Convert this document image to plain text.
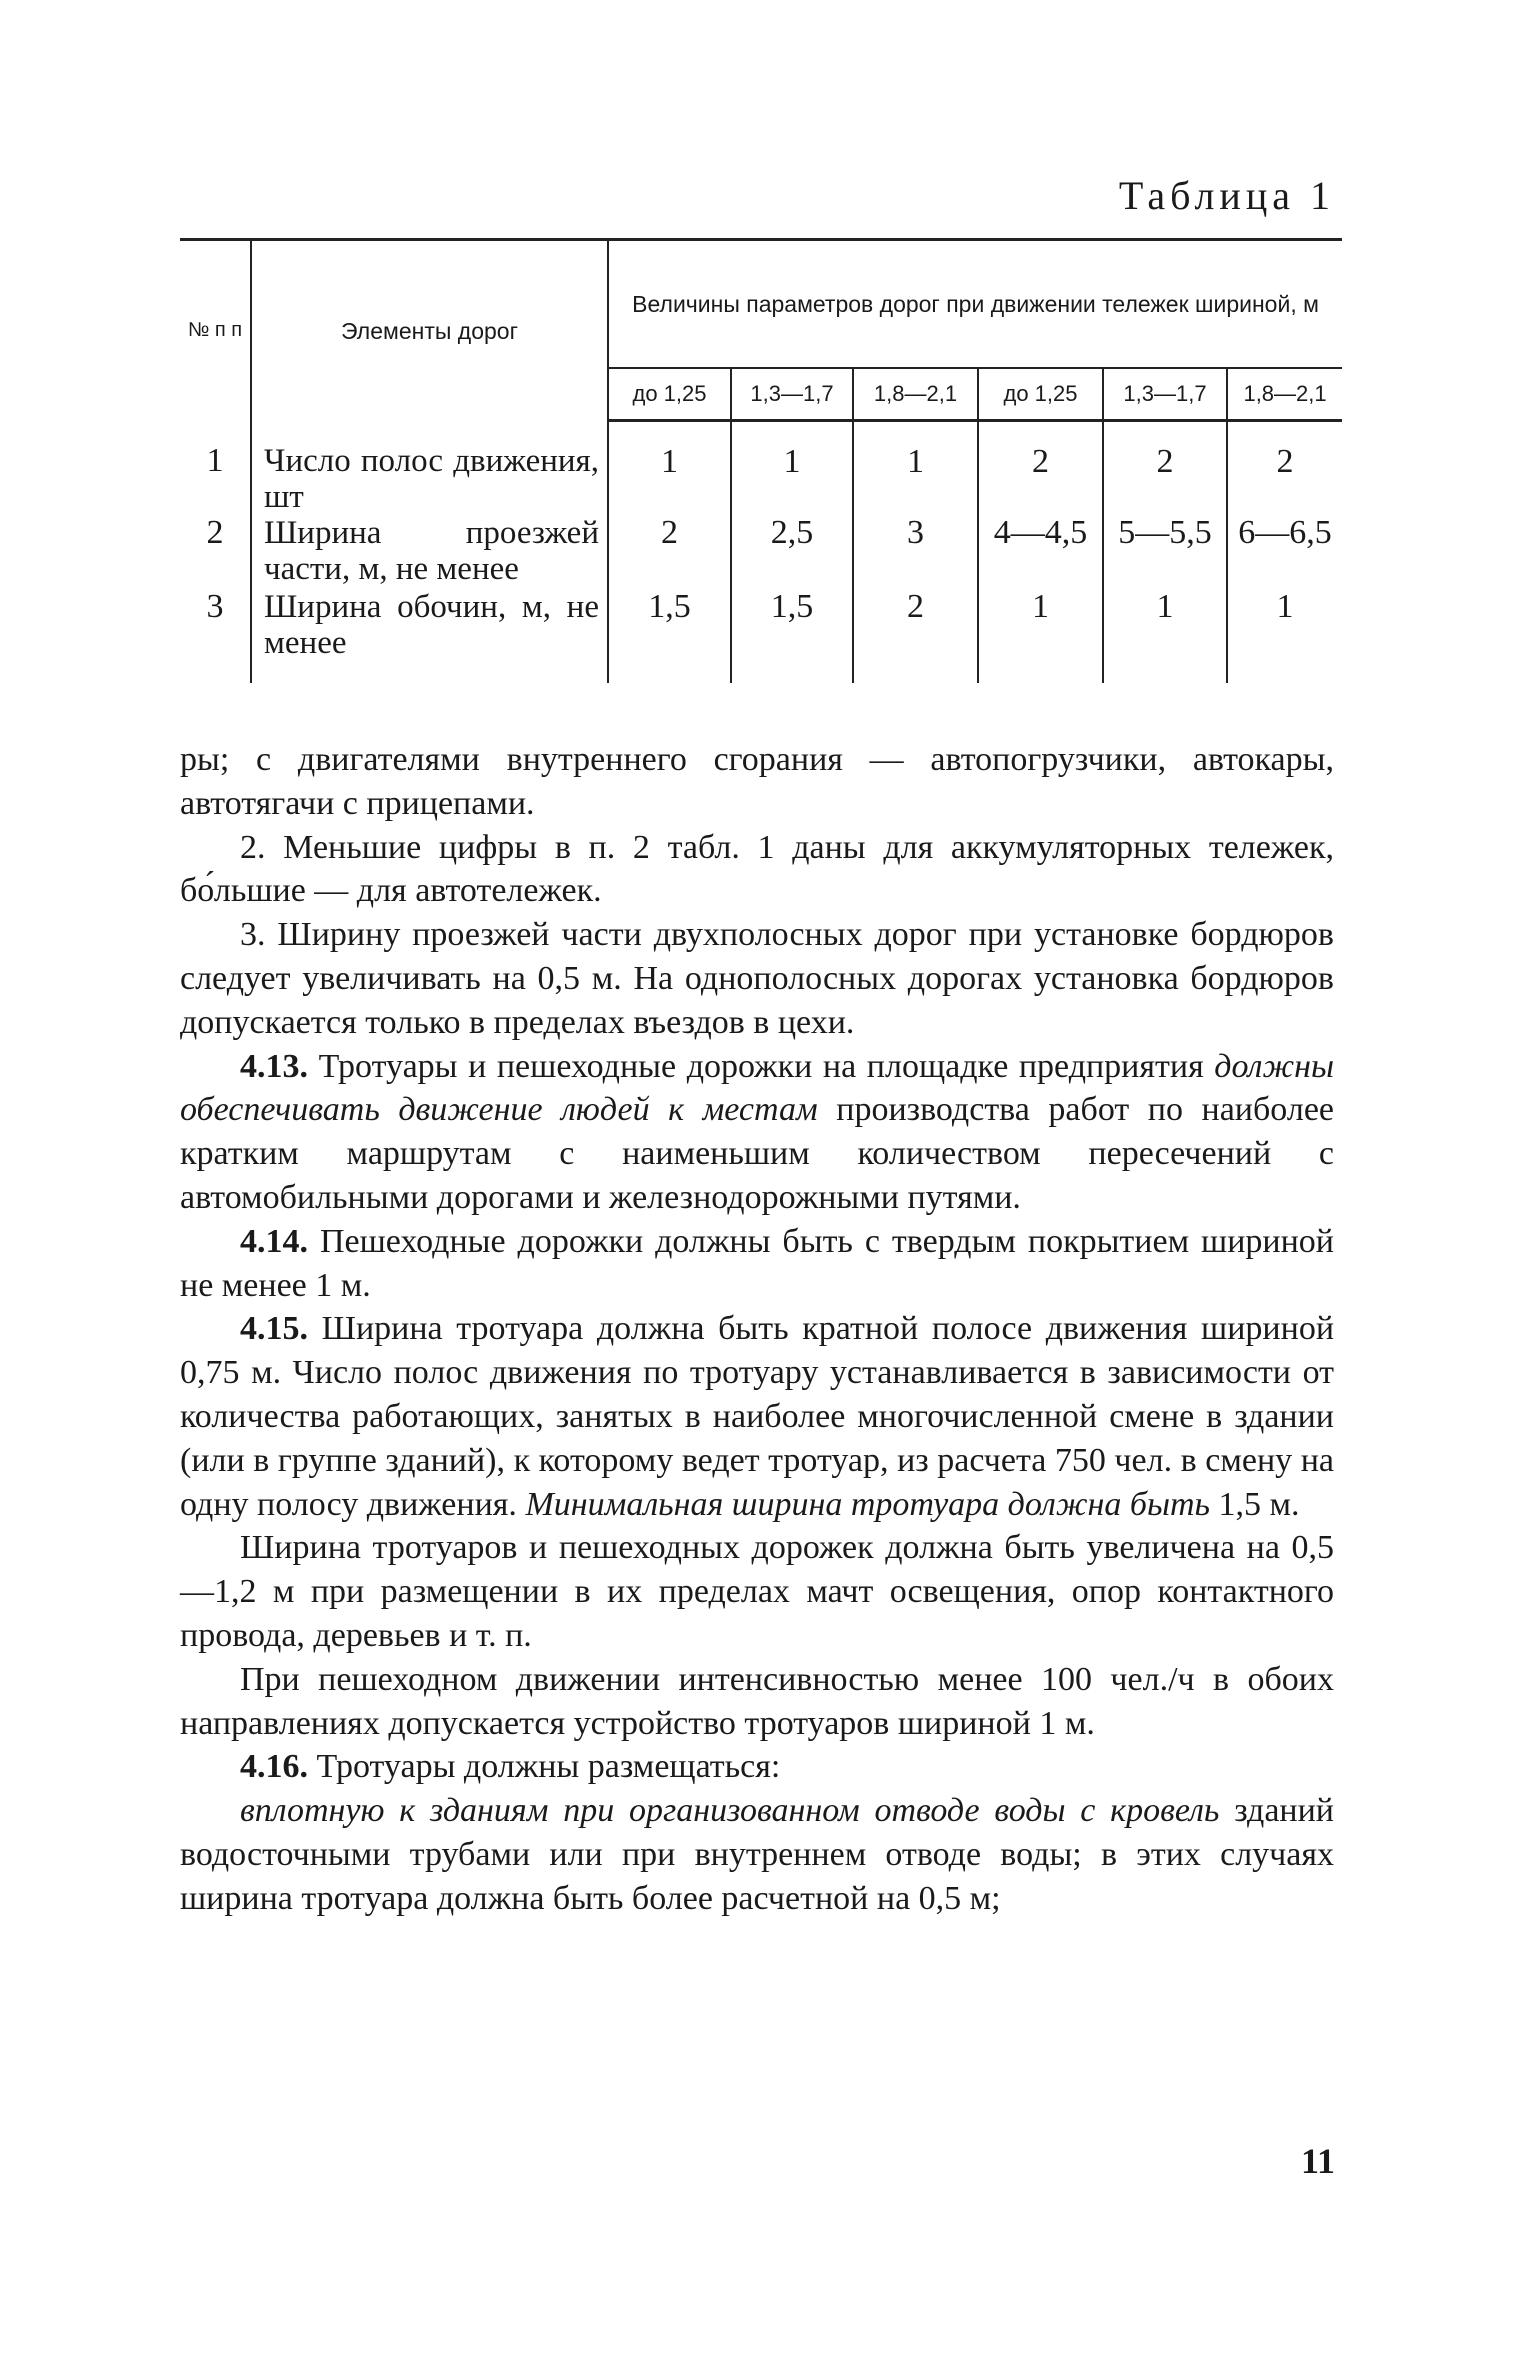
Таблица 1
№ п п	Элементы дорог	Величины параметров дорог при движении тележек шириной, м					
		до 1,25	1,3—1,7	1,8—2,1	до 1,25	1,3—1,7	1,8—2,1
1	Число полос движения, шт	1	1	1	2	2	2
2	Ширина проезжей части, м, не менее	2	2,5	3	4—4,5	5—5,5	6—6,5
3	Ширина обочин, м, не менее	1,5	1,5	2	1	1	1

ры; с двигателями внутреннего сгорания — автопогрузчики, автокары, автотягачи с прицепами.

2. Меньшие цифры в п. 2 табл. 1 даны для аккумуляторных тележек, бо́льшие — для автотележек.

3. Ширину проезжей части двухполосных дорог при установке бордюров следует увеличивать на 0,5 м. На однополосных дорогах установка бордюров допускается только в пределах въездов в цехи.

4.13. Тротуары и пешеходные дорожки на площадке предприятия должны обеспечивать движение людей к местам производства работ по наиболее кратким маршрутам с наименьшим количеством пересечений с автомобильными дорогами и железнодорожными путями.

4.14. Пешеходные дорожки должны быть с твердым покрытием шириной не менее 1 м.

4.15. Ширина тротуара должна быть кратной полосе движения шириной 0,75 м. Число полос движения по тротуару устанавливается в зависимости от количества работающих, занятых в наиболее многочисленной смене в здании (или в группе зданий), к которому ведет тротуар, из расчета 750 чел. в смену на одну полосу движения. Минимальная ширина тротуара должна быть 1,5 м.

Ширина тротуаров и пешеходных дорожек должна быть увеличена на 0,5—1,2 м при размещении в их пределах мачт освещения, опор контактного провода, деревьев и т. п.

При пешеходном движении интенсивностью менее 100 чел./ч в обоих направлениях допускается устройство тротуаров шириной 1 м.

4.16. Тротуары должны размещаться:

вплотную к зданиям при организованном отводе воды с кровель зданий водосточными трубами или при внутреннем отводе воды; в этих случаях ширина тротуара должна быть более расчетной на 0,5 м;

11
